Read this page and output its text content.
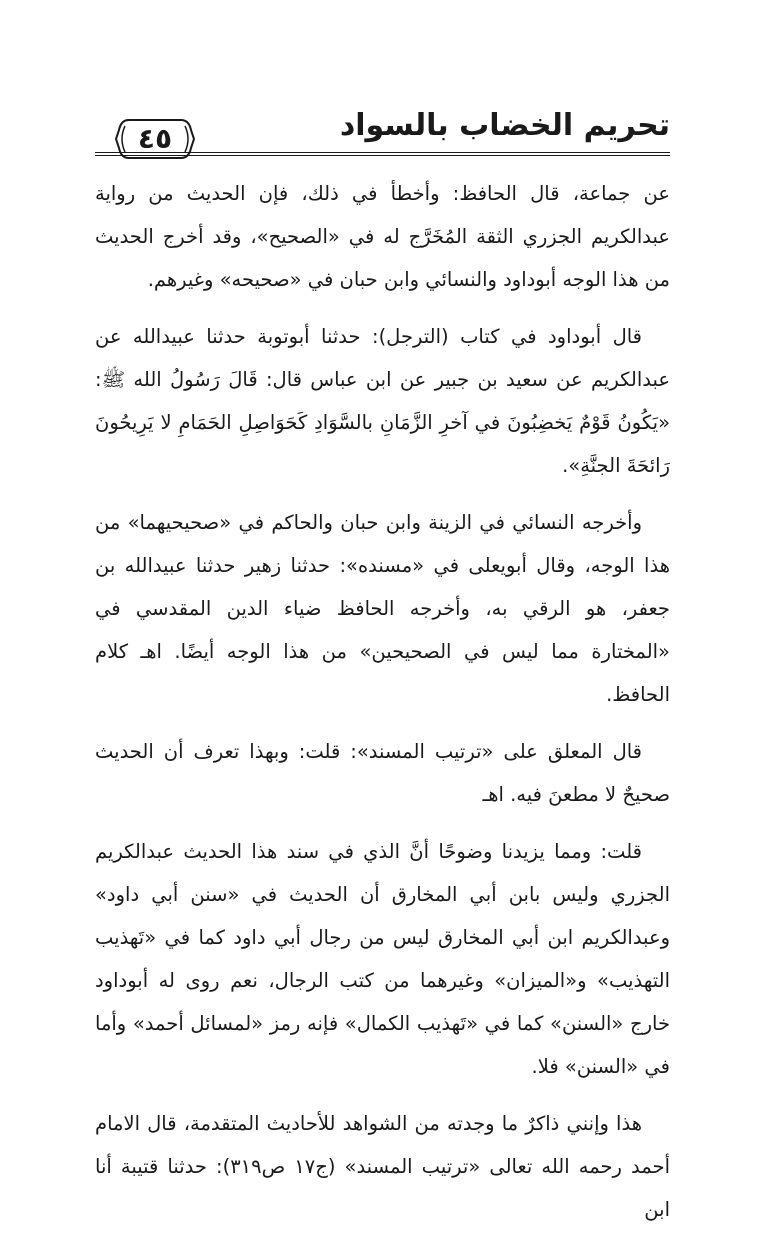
تحريم الخضاب بالسواد
٤٥

عن جماعة، قال الحافظ: وأخطأ في ذلك، فإن الحديث من رواية عبدالكريم الجزري الثقة المُخَرَّج له في «الصحيح»، وقد أخرج الحديث من هذا الوجه أبوداود والنسائي وابن حبان في «صحيحه» وغيرهم.

قال أبوداود في كتاب (الترجل): حدثنا أبوتوبة حدثنا عبيدالله عن عبدالكريم عن سعيد بن جبير عن ابن عباس قال: قَالَ رَسُولُ الله ﷺ: «يَكُونُ قَوْمٌ يَخضِبُونَ في آخرِ الزَّمَانِ بالسَّوَادِ كَحَوَاصِلِ الحَمَامِ لا يَرِيحُونَ رَائحَةَ الجنَّةِ».

وأخرجه النسائي في الزينة وابن حبان والحاكم في «صحيحيهما» من هذا الوجه، وقال أبويعلى في «مسنده»: حدثنا زهير حدثنا عبيدالله بن جعفر، هو الرقي به، وأخرجه الحافظ ضياء الدين المقدسي في «المختارة مما ليس في الصحيحين» من هذا الوجه أيضًا. اهـ كلام الحافظ.

قال المعلق على «ترتيب المسند»: قلت: وبهذا تعرف أن الحديث صحيحٌ لا مطعنَ فيه. اهـ

قلت: ومما يزيدنا وضوحًا أنَّ الذي في سند هذا الحديث عبدالكريم الجزري وليس بابن أبي المخارق أن الحديث في «سنن أبي داود» وعبدالكريم ابن أبي المخارق ليس من رجال أبي داود كما في «تَهذيب التهذيب» و«الميزان» وغيرهما من كتب الرجال، نعم روى له أبوداود خارج «السنن» كما في «تَهذيب الكمال» فإنه رمز «لمسائل أحمد» وأما في «السنن» فلا.

هذا وإنني ذاكرٌ ما وجدته من الشواهد للأحاديث المتقدمة، قال الامام أحمد رحمه الله تعالى «ترتيب المسند» (ج١٧ ص٣١٩): حدثنا قتيبة أنا ابن
